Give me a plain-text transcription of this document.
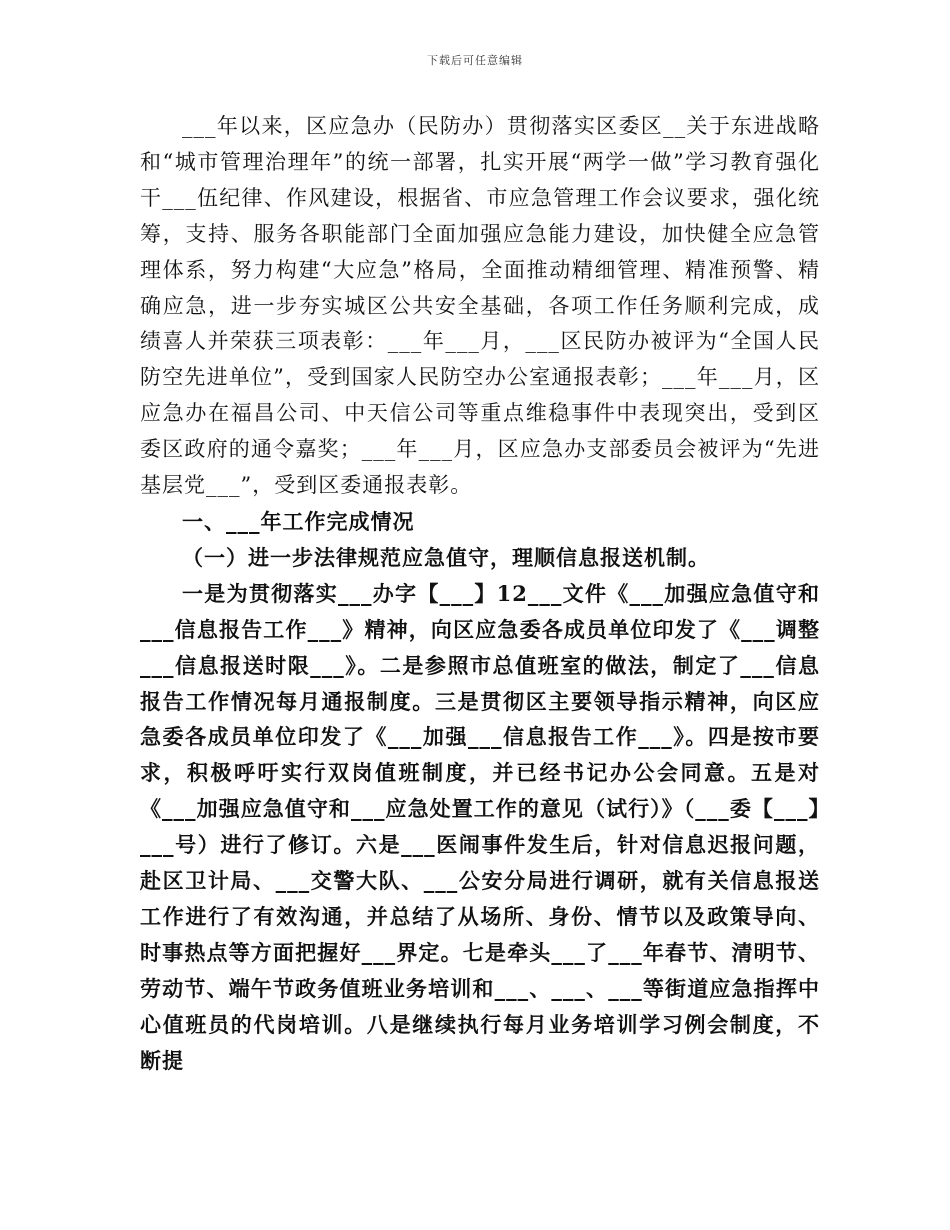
下载后可任意编辑

___年以来，区应急办（民防办）贯彻落实区委区__关于东进战略和“城市管理治理年”的统一部署，扎实开展“两学一做”学习教育强化干___伍纪律、作风建设，根据省、市应急管理工作会议要求，强化统筹，支持、服务各职能部门全面加强应急能力建设，加快健全应急管理体系，努力构建“大应急”格局，全面推动精细管理、精准预警、精确应急，进一步夯实城区公共安全基础，各项工作任务顺利完成，成绩喜人并荣获三项表彰：___年___月，___区民防办被评为“全国人民防空先进单位”，受到国家人民防空办公室通报表彰；___年___月，区应急办在福昌公司、中天信公司等重点维稳事件中表现突出，受到区委区政府的通令嘉奖；___年___月，区应急办支部委员会被评为“先进基层党___”，受到区委通报表彰。

一、___年工作完成情况

（一）进一步法律规范应急值守，理顺信息报送机制。

一是为贯彻落实___办字【___】12___文件《___加强应急值守和___信息报告工作___》精神，向区应急委各成员单位印发了《___调整___信息报送时限___》。二是参照市总值班室的做法，制定了___信息报告工作情况每月通报制度。三是贯彻区主要领导指示精神，向区应急委各成员单位印发了《___加强___信息报告工作___》。四是按市要求，积极呼吁实行双岗值班制度，并已经书记办公会同意。五是对《___加强应急值守和___应急处置工作的意见（试行）》（___委【___】___号）进行了修订。六是___医闹事件发生后，针对信息迟报问题，赴区卫计局、___交警大队、___公安分局进行调研，就有关信息报送工作进行了有效沟通，并总结了从场所、身份、情节以及政策导向、时事热点等方面把握好___界定。七是牵头___了___年春节、清明节、劳动节、端午节政务值班业务培训和___、___、___等街道应急指挥中心值班员的代岗培训。八是继续执行每月业务培训学习例会制度，不断提
